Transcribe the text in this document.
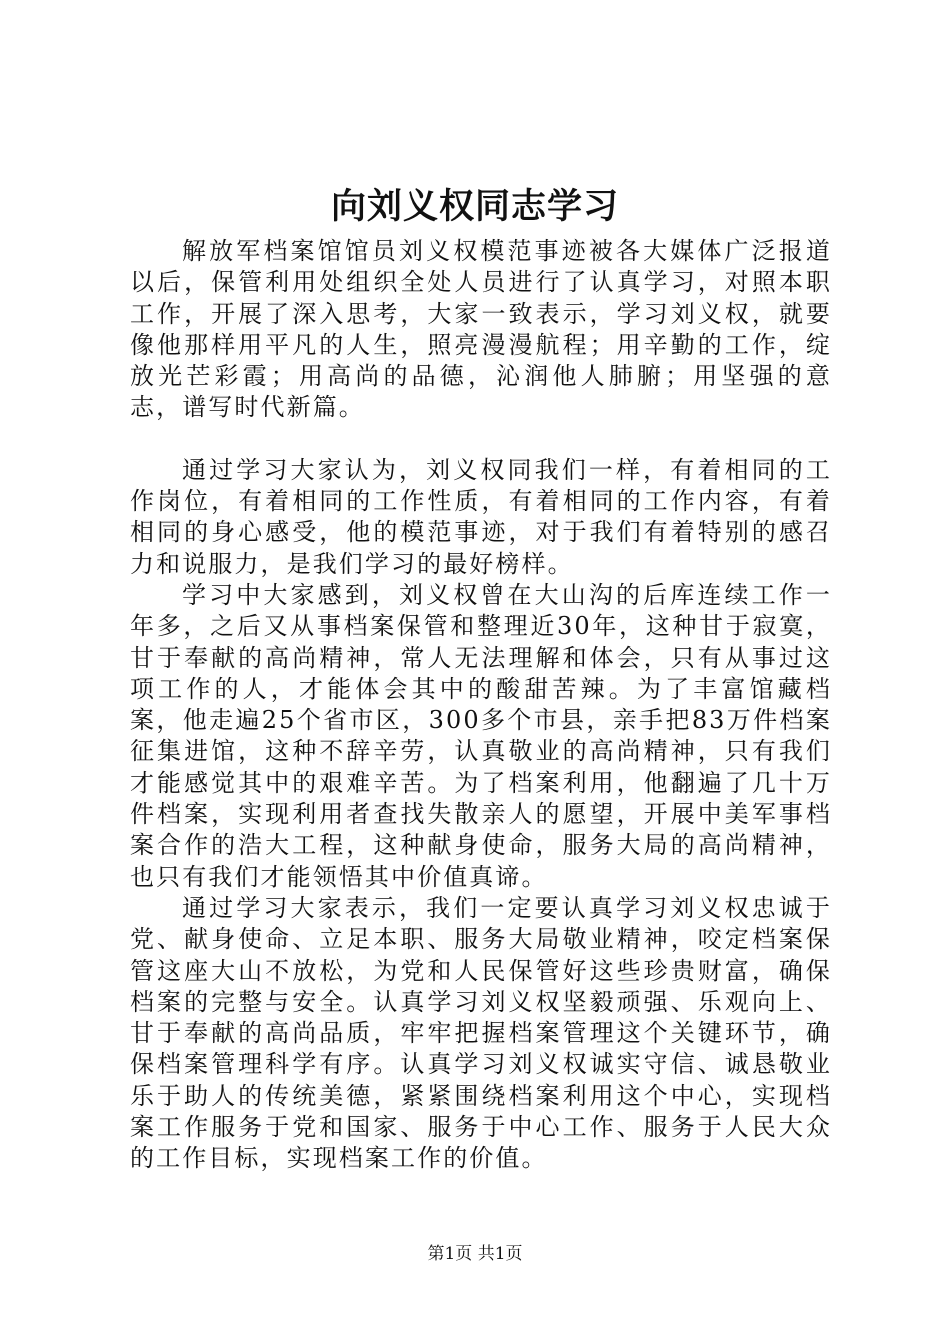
向刘义权同志学习

解放军档案馆馆员刘义权模范事迹被各大媒体广泛报道以后，保管利用处组织全处人员进行了认真学习，对照本职工作，开展了深入思考，大家一致表示，学习刘义权，就要像他那样用平凡的人生，照亮漫漫航程；用辛勤的工作，绽放光芒彩霞；用高尚的品德，沁润他人肺腑；用坚强的意志，谱写时代新篇。

通过学习大家认为，刘义权同我们一样，有着相同的工作岗位，有着相同的工作性质，有着相同的工作内容，有着相同的身心感受，他的模范事迹，对于我们有着特别的感召力和说服力，是我们学习的最好榜样。

学习中大家感到，刘义权曾在大山沟的后库连续工作一年多，之后又从事档案保管和整理近30年，这种甘于寂寞，甘于奉献的高尚精神，常人无法理解和体会，只有从事过这项工作的人，才能体会其中的酸甜苦辣。为了丰富馆藏档案，他走遍25个省市区，300多个市县，亲手把83万件档案征集进馆，这种不辞辛劳，认真敬业的高尚精神，只有我们才能感觉其中的艰难辛苦。为了档案利用，他翻遍了几十万件档案，实现利用者查找失散亲人的愿望，开展中美军事档案合作的浩大工程，这种献身使命，服务大局的高尚精神，也只有我们才能领悟其中价值真谛。

通过学习大家表示，我们一定要认真学习刘义权忠诚于党、献身使命、立足本职、服务大局敬业精神，咬定档案保管这座大山不放松，为党和人民保管好这些珍贵财富，确保档案的完整与安全。认真学习刘义权坚毅顽强、乐观向上、甘于奉献的高尚品质，牢牢把握档案管理这个关键环节，确保档案管理科学有序。认真学习刘义权诚实守信、诚恳敬业乐于助人的传统美德，紧紧围绕档案利用这个中心，实现档案工作服务于党和国家、服务于中心工作、服务于人民大众的工作目标，实现档案工作的价值。

第1页 共1页
